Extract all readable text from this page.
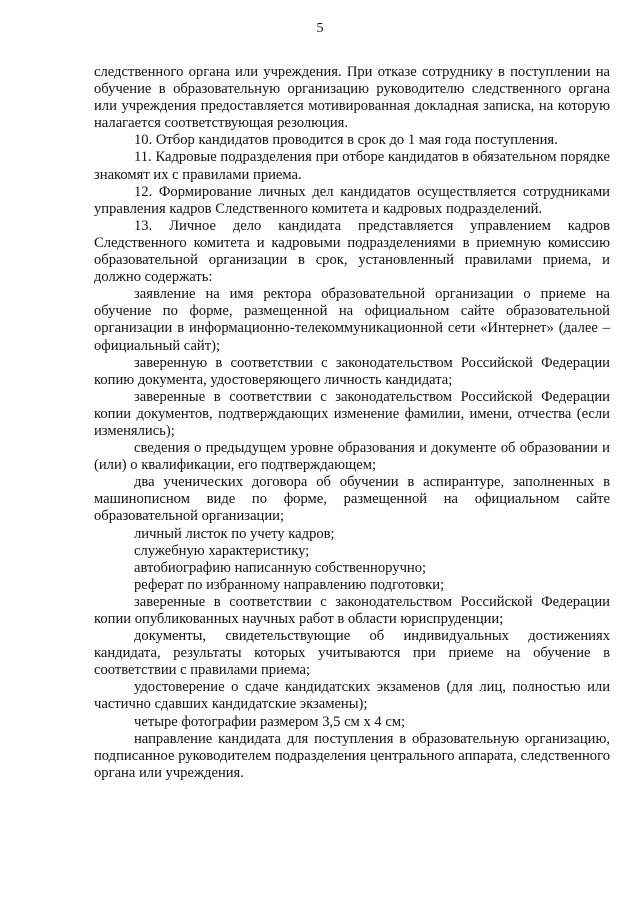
5

следственного органа или учреждения. При отказе сотруднику в поступлении на обучение в образовательную организацию руководителю следственного органа или учреждения предоставляется мотивированная докладная записка, на которую налагается соответствующая резолюция.

10. Отбор кандидатов проводится в срок до 1 мая года поступления.

11. Кадровые подразделения при отборе кандидатов в обязательном порядке знакомят их с правилами приема.

12. Формирование личных дел кандидатов осуществляется сотрудниками управления кадров Следственного комитета и кадровых подразделений.

13. Личное дело кандидата представляется управлением кадров Следственного комитета и кадровыми подразделениями в приемную комиссию образовательной организации в срок, установленный правилами приема, и должно содержать:

заявление на имя ректора образовательной организации о приеме на обучение по форме, размещенной на официальном сайте образовательной организации в информационно-телекоммуникационной сети «Интернет» (далее – официальный сайт);

заверенную в соответствии с законодательством Российской Федерации копию документа, удостоверяющего личность кандидата;

заверенные в соответствии с законодательством Российской Федерации копии документов, подтверждающих изменение фамилии, имени, отчества (если изменялись);

сведения о предыдущем уровне образования и документе об образовании и (или) о квалификации, его подтверждающем;

два ученических договора об обучении в аспирантуре, заполненных в машинописном виде по форме, размещенной на официальном сайте образовательной организации;

личный листок по учету кадров;

служебную характеристику;

автобиографию написанную собственноручно;

реферат по избранному направлению подготовки;

заверенные в соответствии с законодательством Российской Федерации копии опубликованных научных работ в области юриспруденции;

документы, свидетельствующие об индивидуальных достижениях кандидата, результаты которых учитываются при приеме на обучение в соответствии с правилами приема;

удостоверение о сдаче кандидатских экзаменов (для лиц, полностью или частично сдавших кандидатские экзамены);

четыре фотографии размером 3,5 см х 4 см;

направление кандидата для поступления в образовательную организацию, подписанное руководителем подразделения центрального аппарата, следственного органа или учреждения.
